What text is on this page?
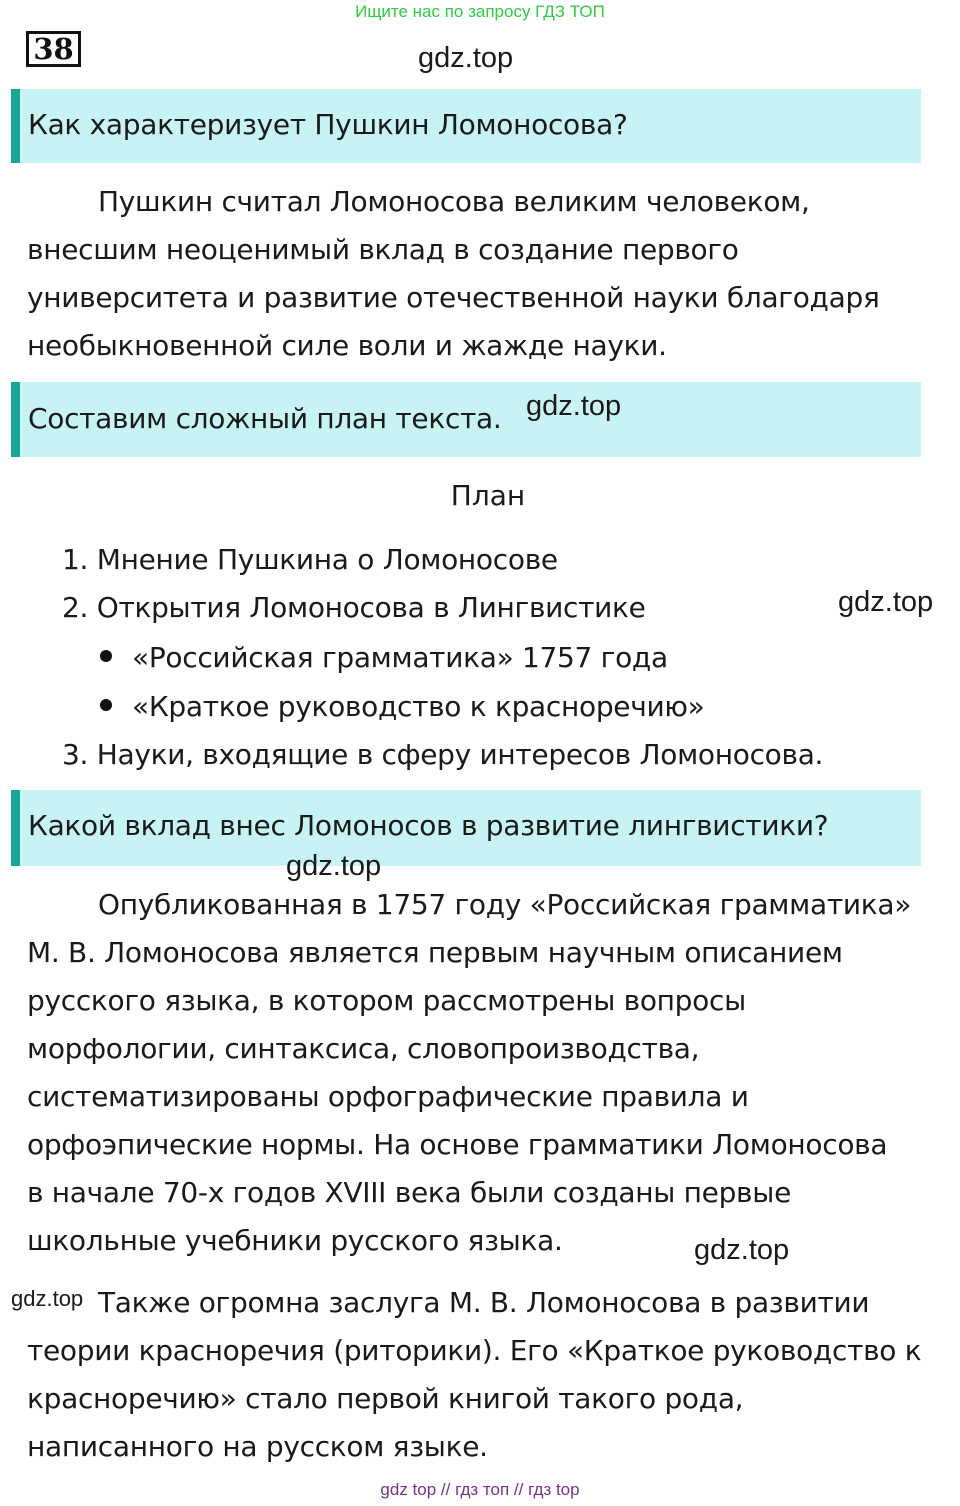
Ищите нас по запросу ГДЗ ТОП
38	gdz.top
Как характеризует Пушкин Ломоносова?
Пушкин считал Ломоносова великим человеком,
внесшим неоценимый вклад в создание первого
университета и развитие отечественной науки благодаря
необыкновенной силе воли и жажде науки.
Составим сложный план текста. gdz.top
План
1. Мнение Пушкина о Ломоносове
2. Открытия Ломоносова в Лингвистике	gdz.top
«Российская грамматика» 1757 года
«Краткое руководство к красноречию»
3. Науки, входящие в сферу интересов Ломоносова.
Какой вклад внес Ломоносов в развитие лингвистики?
gdz.top
Опубликованная в 1757 году «Российская грамматика»
М. В. Ломоносова является первым научным описанием
русского языка, в котором рассмотрены вопросы
морфологии, синтаксиса, словопроизводства,
систематизированы орфографические правила и
орфоэпические нормы. На основе грамматики Ломоносова
в начале 70-х годов XVIII века были созданы первые
школьные учебники русского языка.	gdz.top
gdz.top Также огромна заслуга М. В. Ломоносова в развитии
теории красноречия (риторики). Его «Краткое руководство к
красноречию» стало первой книгой такого рода,
написанного на русском языке.
gdz top // гдз топ // гдз top
